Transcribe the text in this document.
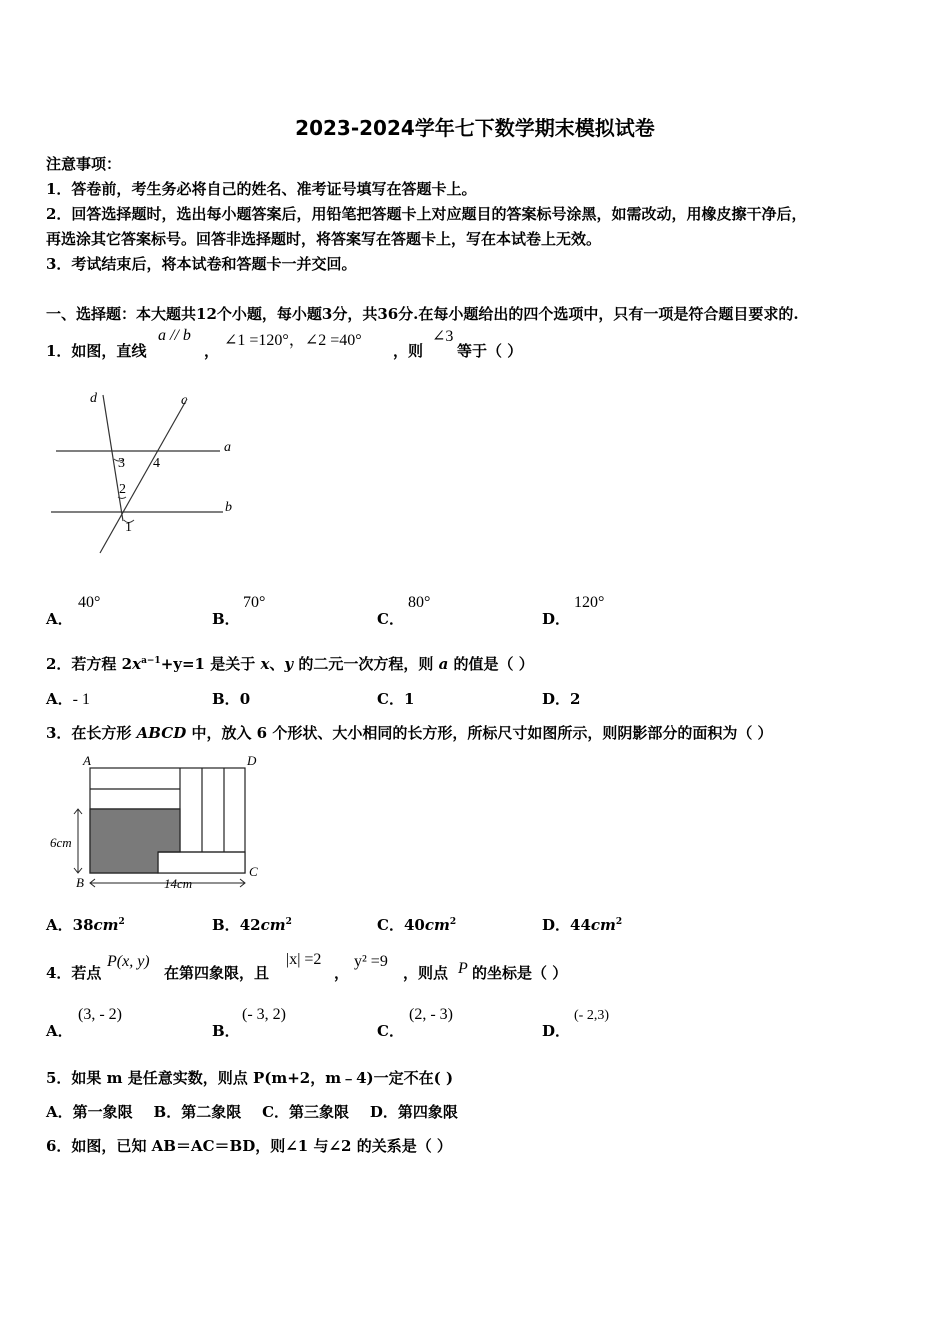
2023-2024学年七下数学期末模拟试卷
注意事项：
1．答卷前，考生务必将自己的姓名、准考证号填写在答题卡上。
2．回答选择题时，选出每小题答案后，用铅笔把答题卡上对应题目的答案标号涂黑，如需改动，用橡皮擦干净后，
再选涂其它答案标号。回答非选择题时，将答案写在答题卡上，写在本试卷上无效。
3．考试结束后，将本试卷和答题卡一并交回。
一、选择题：本大题共12个小题，每小题3分，共36分.在每小题给出的四个选项中，只有一项是符合题目要求的.
1．如图，直线
a // b
，
∠1 =120°，∠2 =40°
，则
∠3
等于（ ）
d	c
a
b
3 4
2
1
A．
40°
B．
70°
C．
80°
D．
120°
2．若方程 $2x^{a-1}+y=1$ 是关于 x、y 的二元一次方程，则 a 的值是（ ）
A．- 1	B．0	C．1	D．2
3．在长方形 ABCD 中，放入 6 个形状、大小相同的长方形，所标尺寸如图所示，则阴影部分的面积为（ ）
A	D
B
C
6cm
14cm
A．$38cm^2$	B．$42cm^2$	C．$40cm^2$	D．$44cm^2$
4．若点
P(x, y)
在第四象限，且
|x| =2
，
y² =9
，则点 P 的坐标是（ ）
A．
(3, - 2)
B．
(- 3, 2)
C．
(2, - 3)
D．
(- 2,3)
5．如果 m 是任意实数，则点 P(m+2，m﹣4)一定不在( )
A．第一象限    B．第二象限    C．第三象限    D．第四象限
6．如图，已知 AB＝AC＝BD，则∠1 与∠2 的关系是（ ）
